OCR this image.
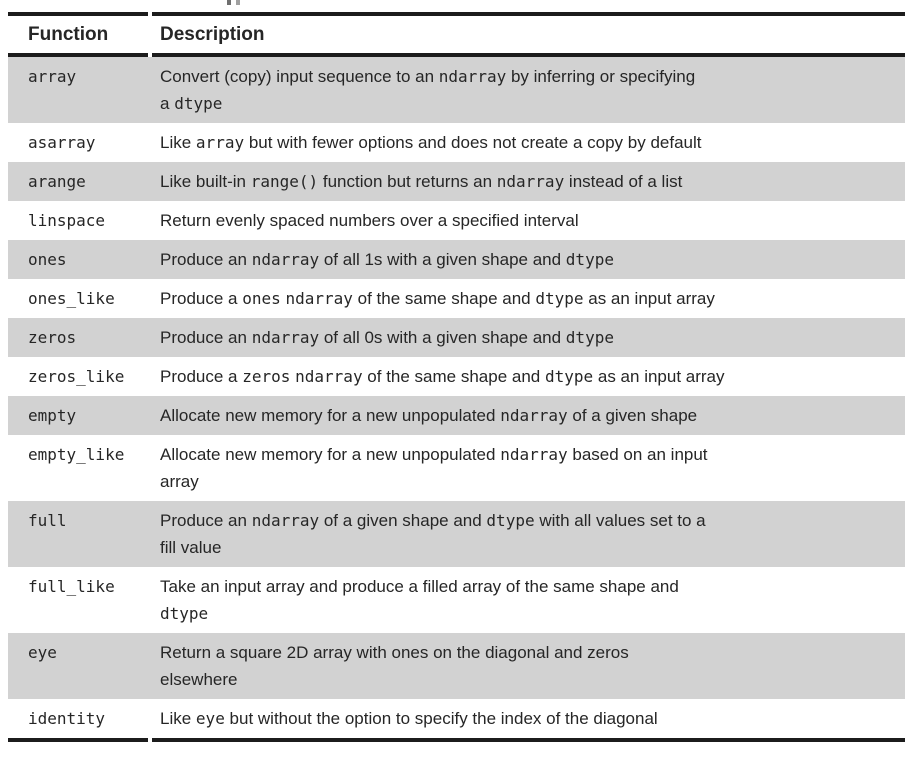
Function	Description
array	Convert (copy) input sequence to an ndarray by inferring or specifying
a dtype
asarray	Like array but with fewer options and does not create a copy by default
arange	Like built-in range() function but returns an ndarray instead of a list
linspace	Return evenly spaced numbers over a specified interval
ones	Produce an ndarray of all 1s with a given shape and dtype
ones_like	Produce a ones ndarray of the same shape and dtype as an input array
zeros	Produce an ndarray of all 0s with a given shape and dtype
zeros_like	Produce a zeros ndarray of the same shape and dtype as an input array
empty	Allocate new memory for a new unpopulated ndarray of a given shape
empty_like	Allocate new memory for a new unpopulated ndarray based on an input
array
full	Produce an ndarray of a given shape and dtype with all values set to a
fill value
full_like	Take an input array and produce a filled array of the same shape and
dtype
eye	Return a square 2D array with ones on the diagonal and zeros
elsewhere
identity	Like eye but without the option to specify the index of the diagonal
